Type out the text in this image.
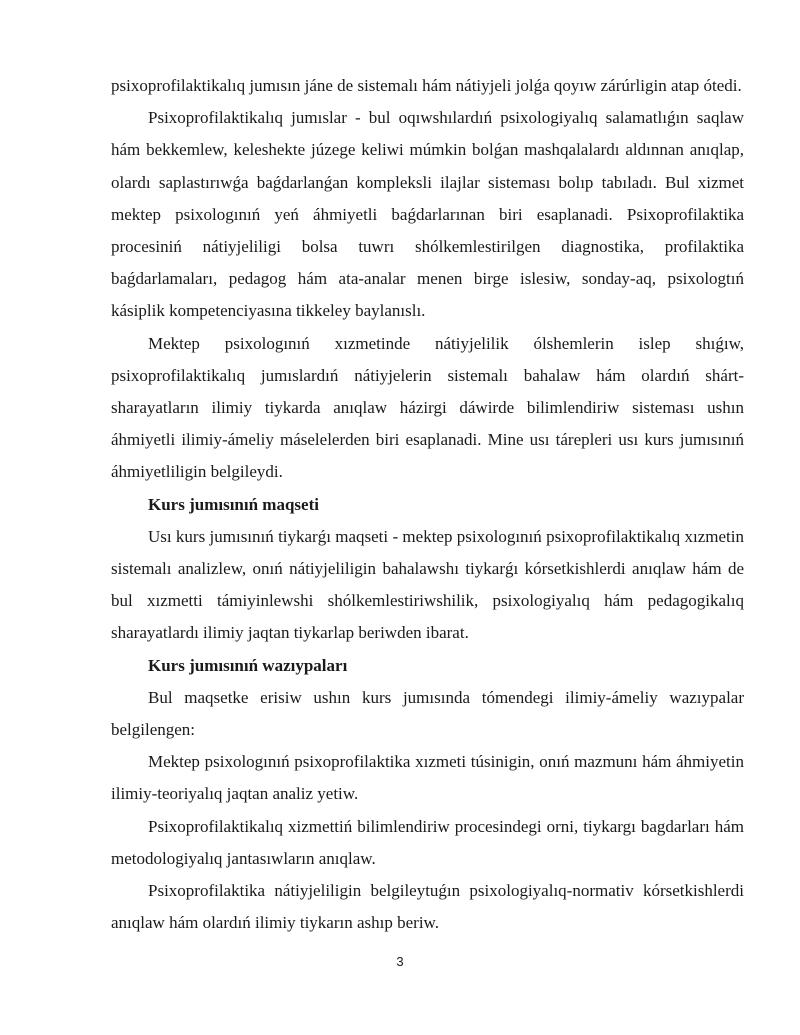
psixoprofilaktikalıq jumısın jáne de sistemalı hám nátiyjeli jolǵa qoyıw zárúrligin atap ótedi.

Psixoprofilaktikalıq jumıslar - bul oqıwshılardıń psixologiyalıq salamatlıǵın saqlaw hám bekkemlew, keleshekte júzege keliwi múmkin bolǵan mashqalalardı aldınnan anıqlap, olardı saplastırıwǵa baǵdarlanǵan kompleksli ilajlar sisteması bolıp tabıladı. Bul xizmet mektep psixologınıń yeń áhmiyetli baǵdarlarınan biri esaplanadi. Psixoprofilaktika procesiniń nátiyjeliligi bolsa tuwrı shólkemlestirilgen diagnostika, profilaktika baǵdarlamaları, pedagog hám ata-analar menen birge islesiw, sonday-aq, psixologtıń kásiplik kompetenciyasına tikkeley baylanıslı.

Mektep psixologınıń xızmetinde nátiyjelilik ólshemlerin islep shıǵıw, psixoprofilaktikalıq jumıslardıń nátiyjelerin sistemalı bahalaw hám olardıń shárt-sharayatların ilimiy tiykarda anıqlaw házirgi dáwirde bilimlendiriw sisteması ushın áhmiyetli ilimiy-ámeliy máselelerden biri esaplanadi. Mine usı tárepleri usı kurs jumısınıń áhmiyetliligin belgileydi.

Kurs jumısınıń maqseti

Usı kurs jumısınıń tiykarǵı maqseti - mektep psixologınıń psixoprofilaktikalıq xızmetin sistemalı analizlew, onıń nátiyjeliligin bahalawshı tiykarǵı kórsetkishlerdi anıqlaw hám de bul xızmetti támiyinlewshi shólkemlestiriwshilik, psixologiyalıq hám pedagogikalıq sharayatlardı ilimiy jaqtan tiykarlap beriwden ibarat.

Kurs jumısınıń wazıypaları

Bul maqsetke erisiw ushın kurs jumısında tómendegi ilimiy-ámeliy wazıypalar belgilengen:

Mektep psixologınıń psixoprofilaktika xızmeti túsinigin, onıń mazmunı hám áhmiyetin ilimiy-teoriyalıq jaqtan analiz yetiw.

Psixoprofilaktikalıq xizmettiń bilimlendiriw procesindegi orni, tiykargı bagdarları hám metodologiyalıq jantasıwların anıqlaw.

Psixoprofilaktika nátiyjeliligin belgileytuǵın psixologiyalıq-normativ kórsetkishlerdi anıqlaw hám olardıń ilimiy tiykarın ashıp beriw.

3
